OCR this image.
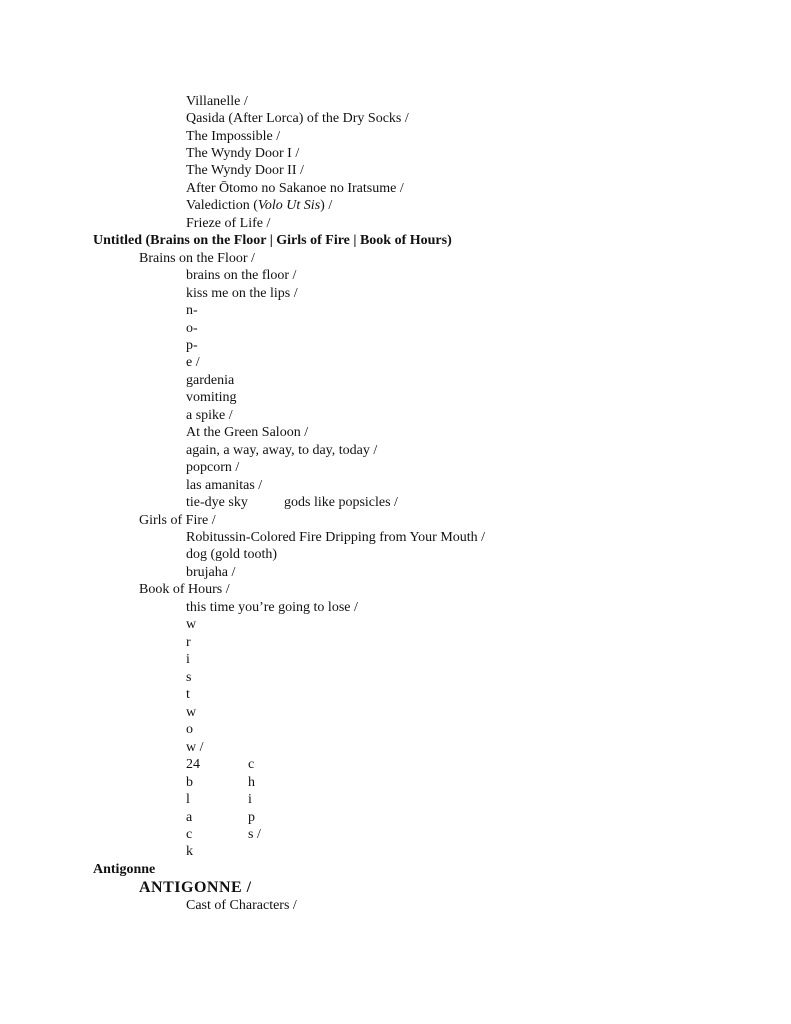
Villanelle /
Qasida (After Lorca) of the Dry Socks /
The Impossible /
The Wyndy Door I /
The Wyndy Door II /
After Ōtomo no Sakanoe no Iratsume /
Valediction (Volo Ut Sis) /
Frieze of Life /
Untitled (Brains on the Floor | Girls of Fire | Book of Hours)
Brains on the Floor /
brains on the floor /
kiss me on the lips /
n-
o-
p-
e /
gardenia
vomiting
a spike /
At the Green Saloon /
again, a way, away, to day, today /
popcorn /
las amanitas /
tie-dye sky	gods like popsicles /
Girls of Fire /
Robitussin-Colored Fire Dripping from Your Mouth /
dog (gold tooth)
brujaha /
Book of Hours /
this time you’re going to lose /
w
r
i
s
t
w
o
w /
24	c
b	h
l	i
a	p
c	s /
k
Antigonne
ANTIGONNE /
Cast of Characters /
